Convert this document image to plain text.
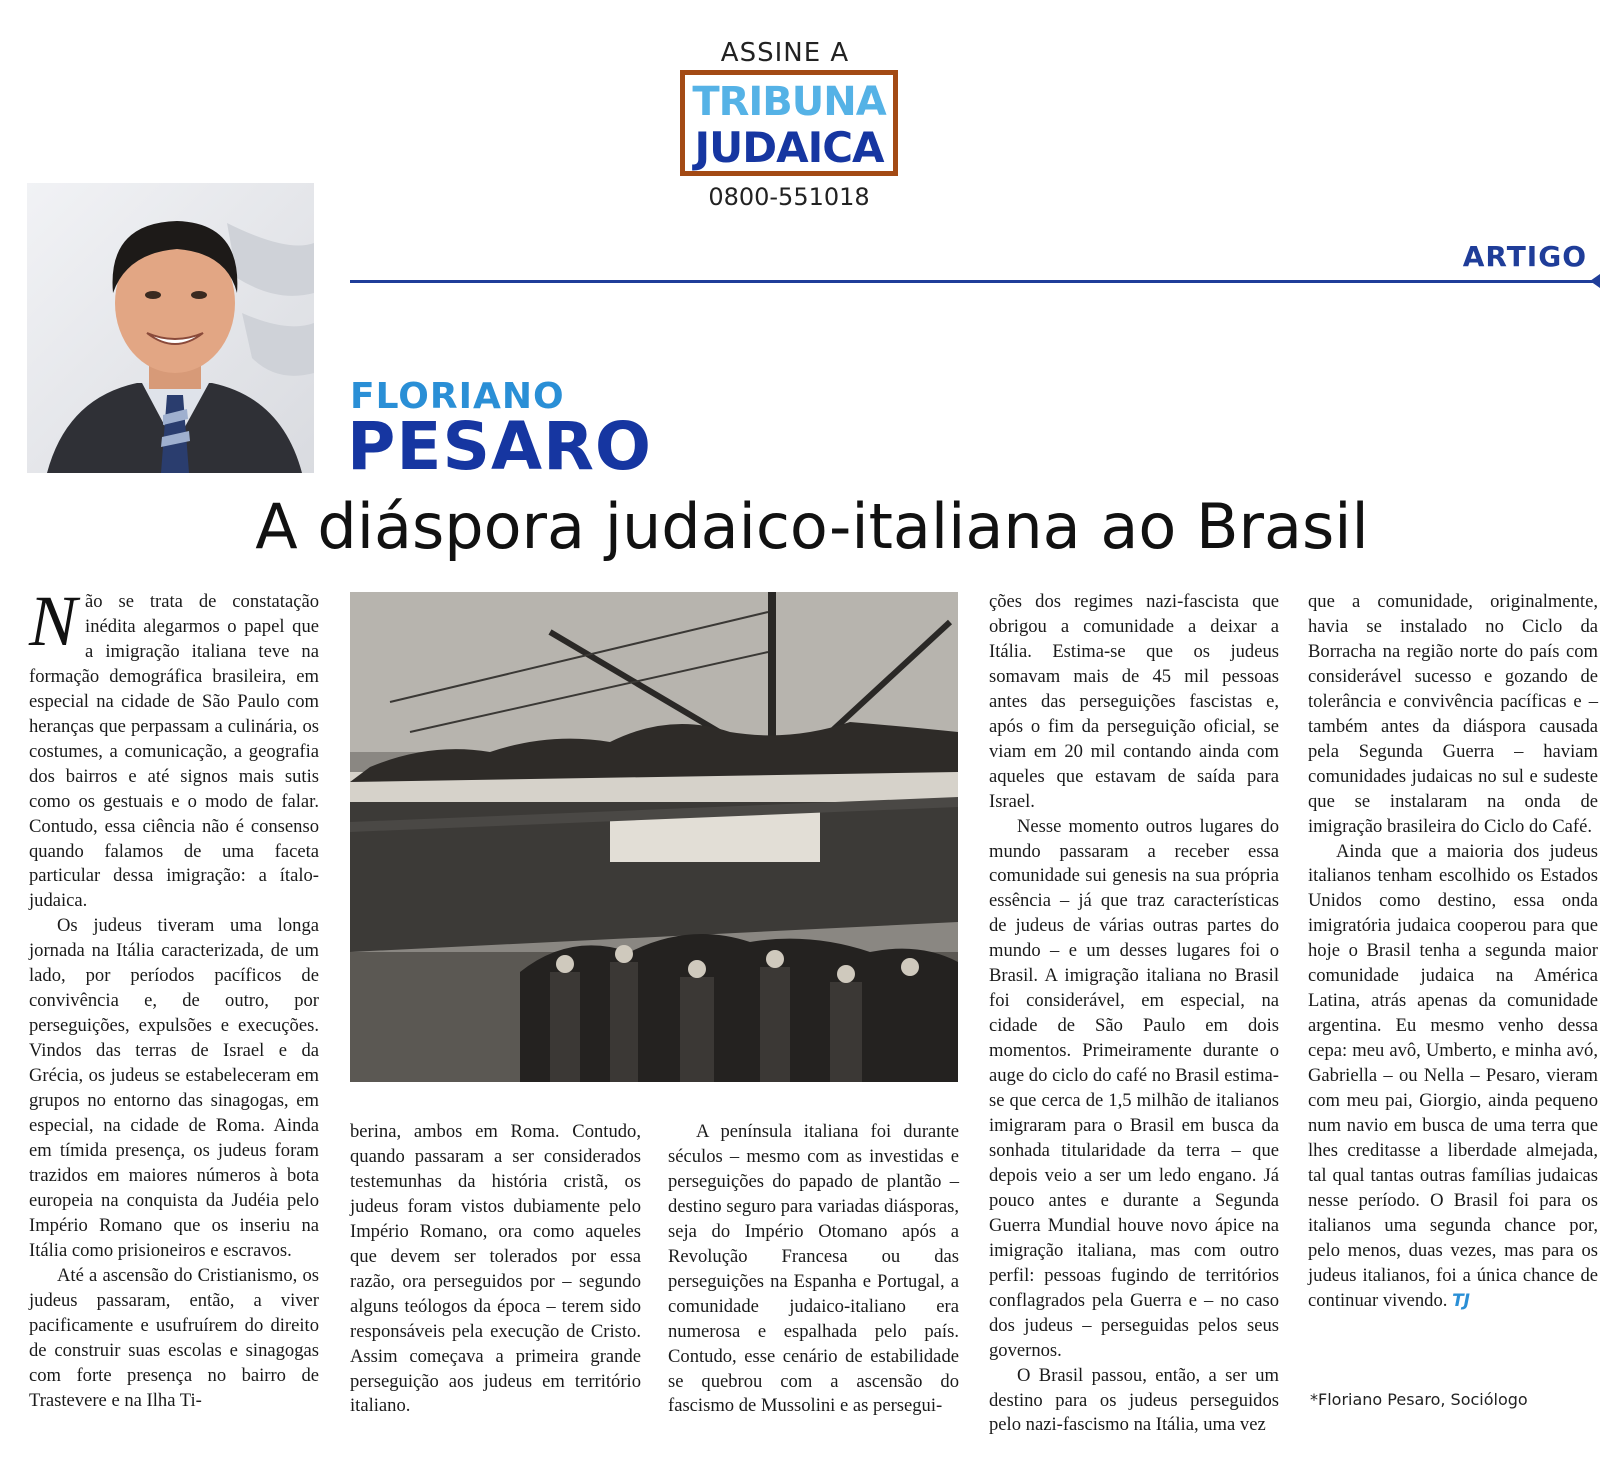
ASSINE A
TRIBUNA
JUDAICA
0800-551018
ARTIGO
FLORIANO
PESARO
A diáspora judaico-italiana ao Brasil

Não se trata de constatação inédita alegarmos o papel que a imigração italiana teve na formação demográfica brasileira, em especial na cidade de São Paulo com heranças que perpassam a culinária, os costumes, a comunicação, a geografia dos bairros e até signos mais sutis como os gestuais e o modo de falar. Contudo, essa ciência não é consenso quando falamos de uma faceta particular dessa imigração: a ítalo-judaica.

Os judeus tiveram uma longa jornada na Itália caracterizada, de um lado, por períodos pacíficos de convivência e, de outro, por perseguições, expulsões e execuções. Vindos das terras de Israel e da Grécia, os judeus se estabeleceram em grupos no entorno das sinagogas, em especial, na cidade de Roma. Ainda em tímida presença, os judeus foram trazidos em maiores números à bota europeia na conquista da Judéia pelo Império Romano que os inseriu na Itália como prisioneiros e escravos.

Até a ascensão do Cristianismo, os judeus passaram, então, a viver pacificamente e usufruírem do direito de construir suas escolas e sinagogas com forte presença no bairro de Trastevere e na Ilha Ti-

berina, ambos em Roma. Contudo, quando passaram a ser considerados testemunhas da história cristã, os judeus foram vistos dubiamente pelo Império Romano, ora como aqueles que devem ser tolerados por essa razão, ora perseguidos por – segundo alguns teólogos da época – terem sido responsáveis pela execução de Cristo. Assim começava a primeira grande perseguição aos judeus em território italiano.

A península italiana foi durante séculos – mesmo com as investidas e perseguições do papado de plantão – destino seguro para variadas diásporas, seja do Império Otomano após a Revolução Francesa ou das perseguições na Espanha e Portugal, a comunidade judaico-italiano era numerosa e espalhada pelo país. Contudo, esse cenário de estabilidade se quebrou com a ascensão do fascismo de Mussolini e as persegui-

ções dos regimes nazi-fascista que obrigou a comunidade a deixar a Itália. Estima-se que os judeus somavam mais de 45 mil pessoas antes das perseguições fascistas e, após o fim da perseguição oficial, se viam em 20 mil contando ainda com aqueles que estavam de saída para Israel.

Nesse momento outros lugares do mundo passaram a receber essa comunidade sui genesis na sua própria essência – já que traz características de judeus de várias outras partes do mundo – e um desses lugares foi o Brasil. A imigração italiana no Brasil foi considerável, em especial, na cidade de São Paulo em dois momentos. Primeiramente durante o auge do ciclo do café no Brasil estima-se que cerca de 1,5 milhão de italianos imigraram para o Brasil em busca da sonhada titularidade da terra – que depois veio a ser um ledo engano. Já pouco antes e durante a Segunda Guerra Mundial houve novo ápice na imigração italiana, mas com outro perfil: pessoas fugindo de territórios conflagrados pela Guerra e – no caso dos judeus – perseguidas pelos seus governos.

O Brasil passou, então, a ser um destino para os judeus perseguidos pelo nazi-fascismo na Itália, uma vez

que a comunidade, originalmente, havia se instalado no Ciclo da Borracha na região norte do país com considerável sucesso e gozando de tolerância e convivência pacíficas e – também antes da diáspora causada pela Segunda Guerra – haviam comunidades judaicas no sul e sudeste que se instalaram na onda de imigração brasileira do Ciclo do Café.

Ainda que a maioria dos judeus italianos tenham escolhido os Estados Unidos como destino, essa onda imigratória judaica cooperou para que hoje o Brasil tenha a segunda maior comunidade judaica na América Latina, atrás apenas da comunidade argentina. Eu mesmo venho dessa cepa: meu avô, Umberto, e minha avó, Gabriella – ou Nella – Pesaro, vieram com meu pai, Giorgio, ainda pequeno num navio em busca de uma terra que lhes creditasse a liberdade almejada, tal qual tantas outras famílias judaicas nesse período. O Brasil foi para os italianos uma segunda chance por, pelo menos, duas vezes, mas para os judeus italianos, foi a única chance de continuar vivendo. TJ

*Floriano Pesaro, Sociólogo
